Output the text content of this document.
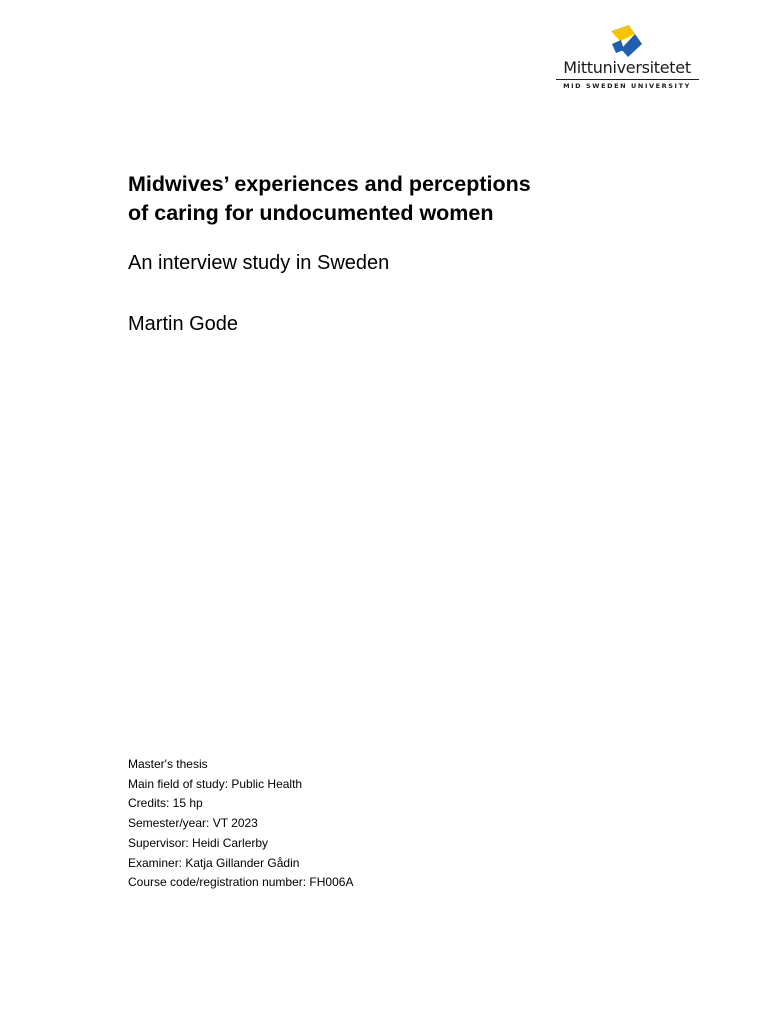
Mittuniversitetet
MID SWEDEN UNIVERSITY
Midwives’ experiences and perceptions
of caring for undocumented women

An interview study in Sweden

Martin Gode

Master's thesis
Main field of study: Public Health
Credits: 15 hp
Semester/year: VT 2023
Supervisor: Heidi Carlerby
Examiner: Katja Gillander Gådin
Course code/registration number: FH006A
